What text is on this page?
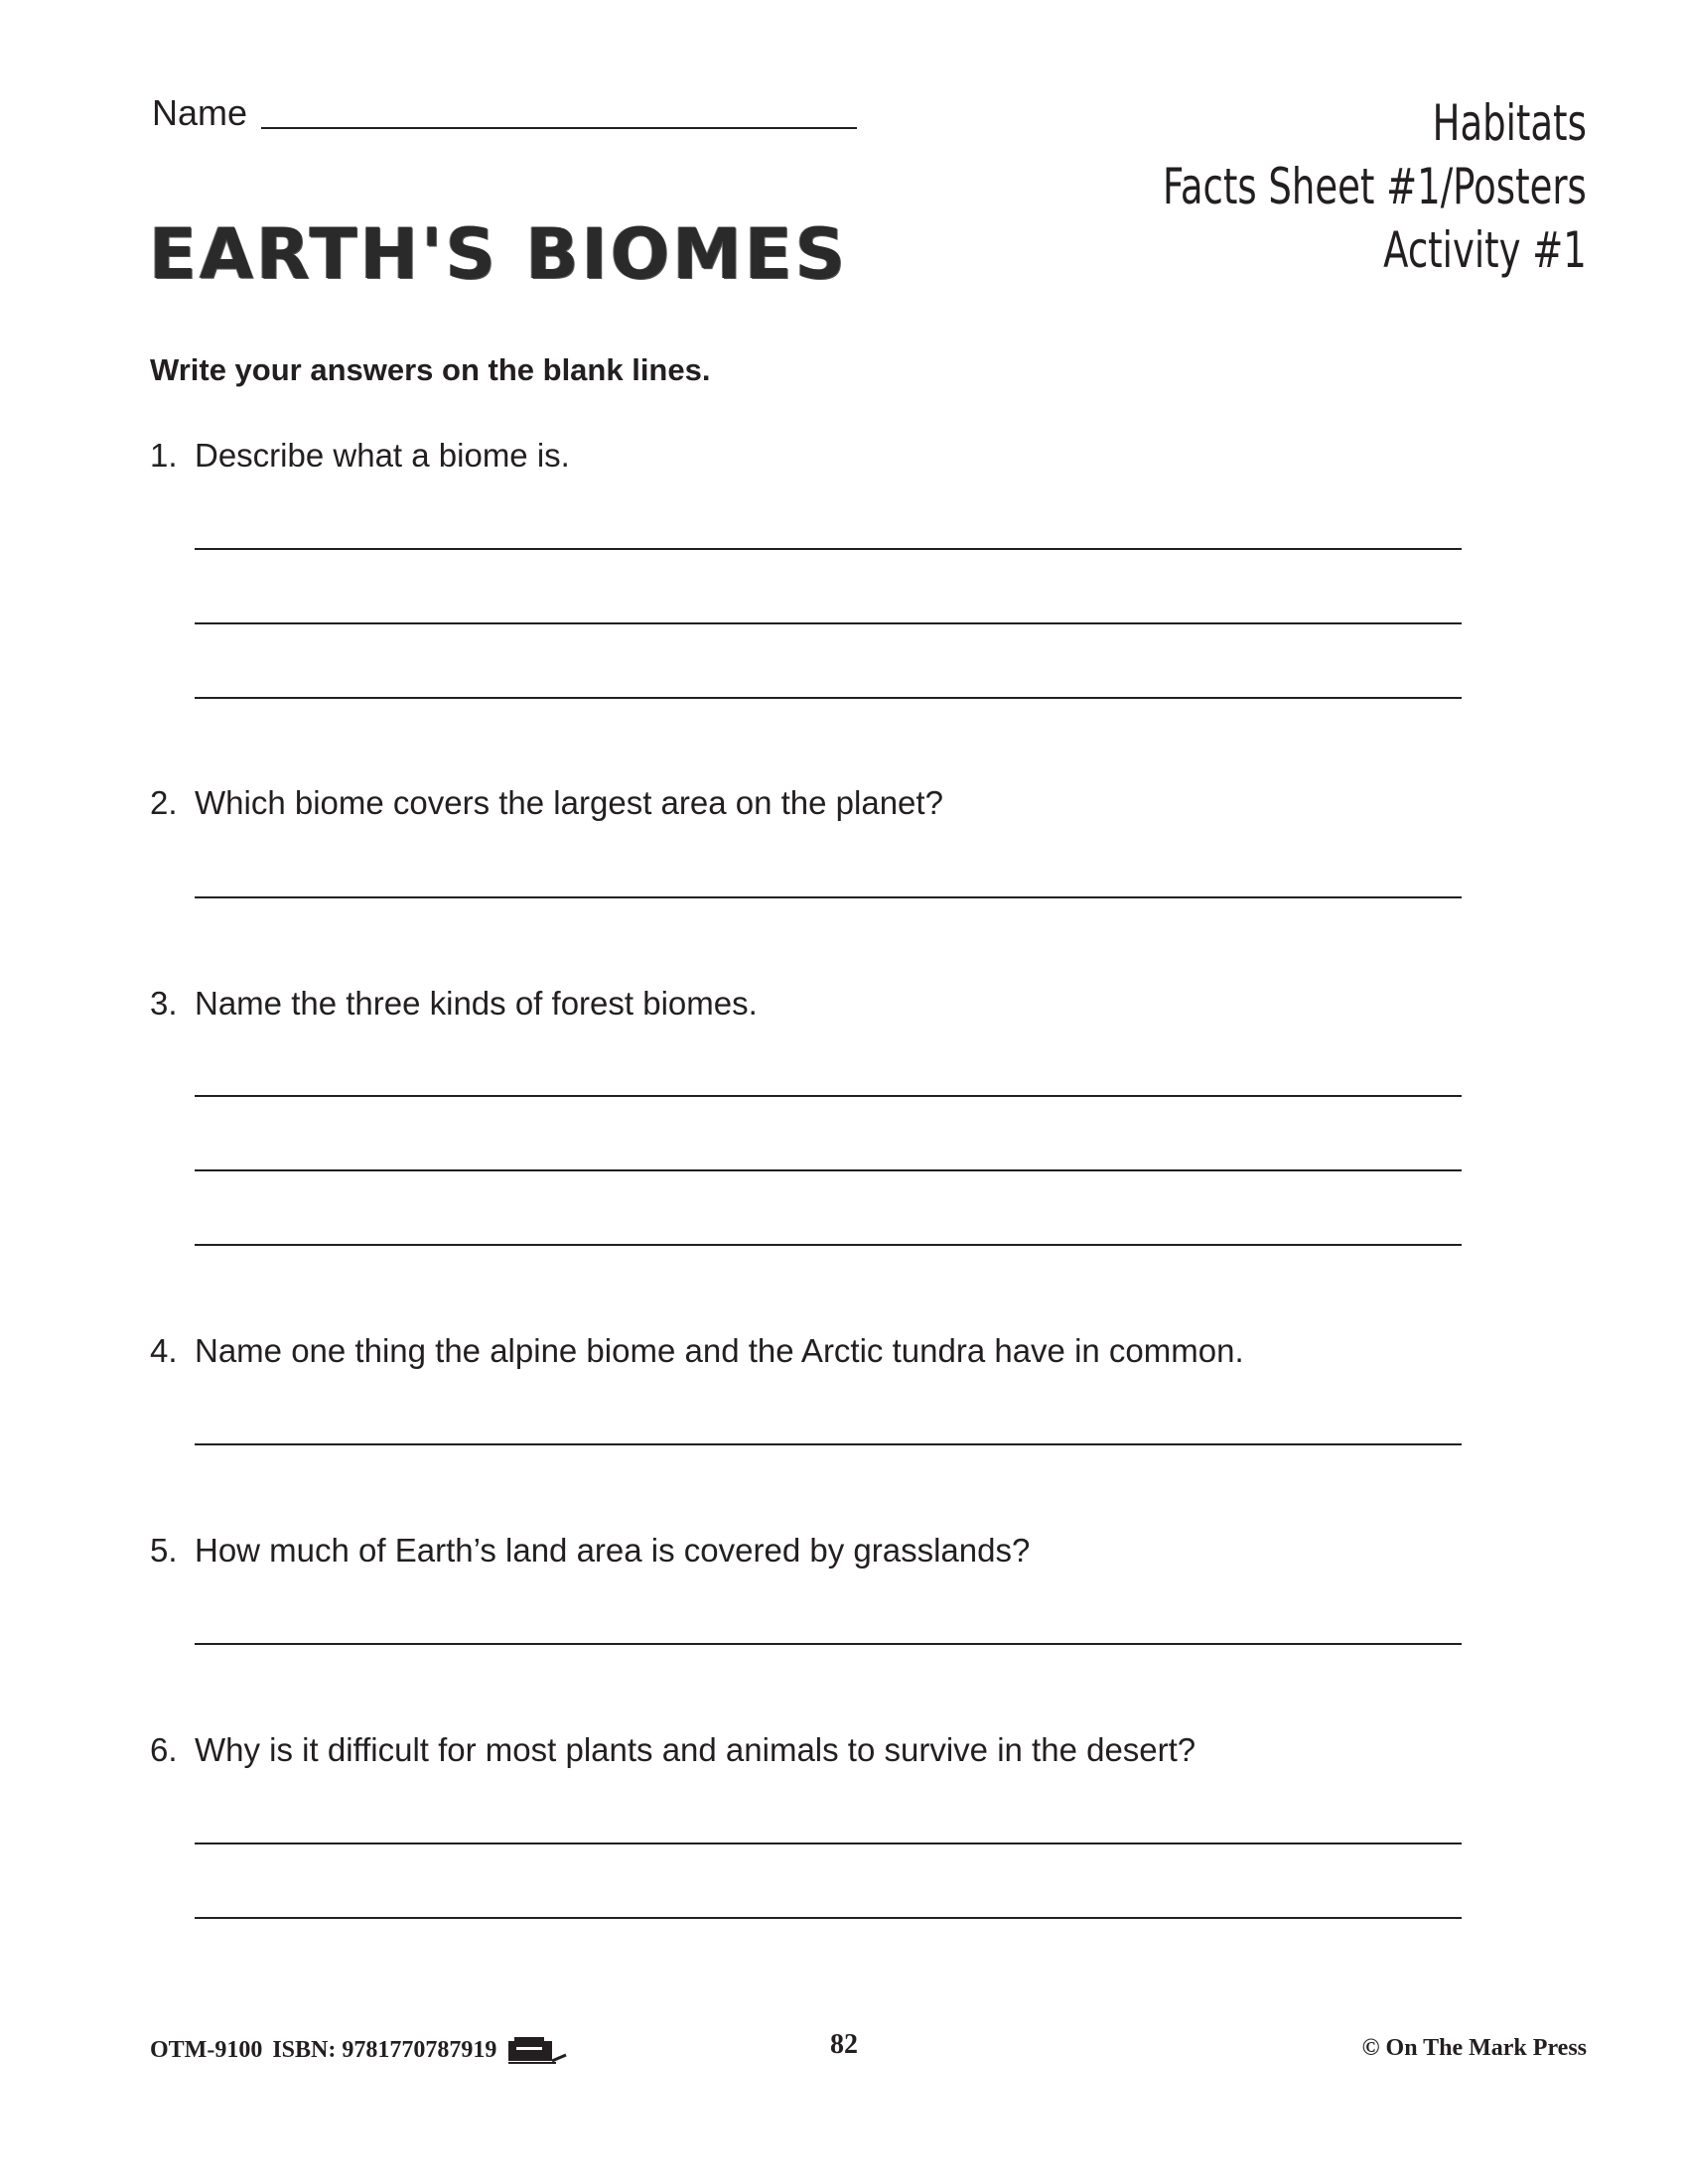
Name
EARTH'S BIOMES
Habitats
Facts Sheet #1/Posters
Activity #1
Write your answers on the blank lines.
1. Describe what a biome is.
2. Which biome covers the largest area on the planet?
3. Name the three kinds of forest biomes.
4. Name one thing the alpine biome and the Arctic tundra have in common.
5. How much of Earth’s land area is covered by grasslands?
6. Why is it difficult for most plants and animals to survive in the desert?
OTM-9100 ISBN: 9781770787919	82	© On The Mark Press
